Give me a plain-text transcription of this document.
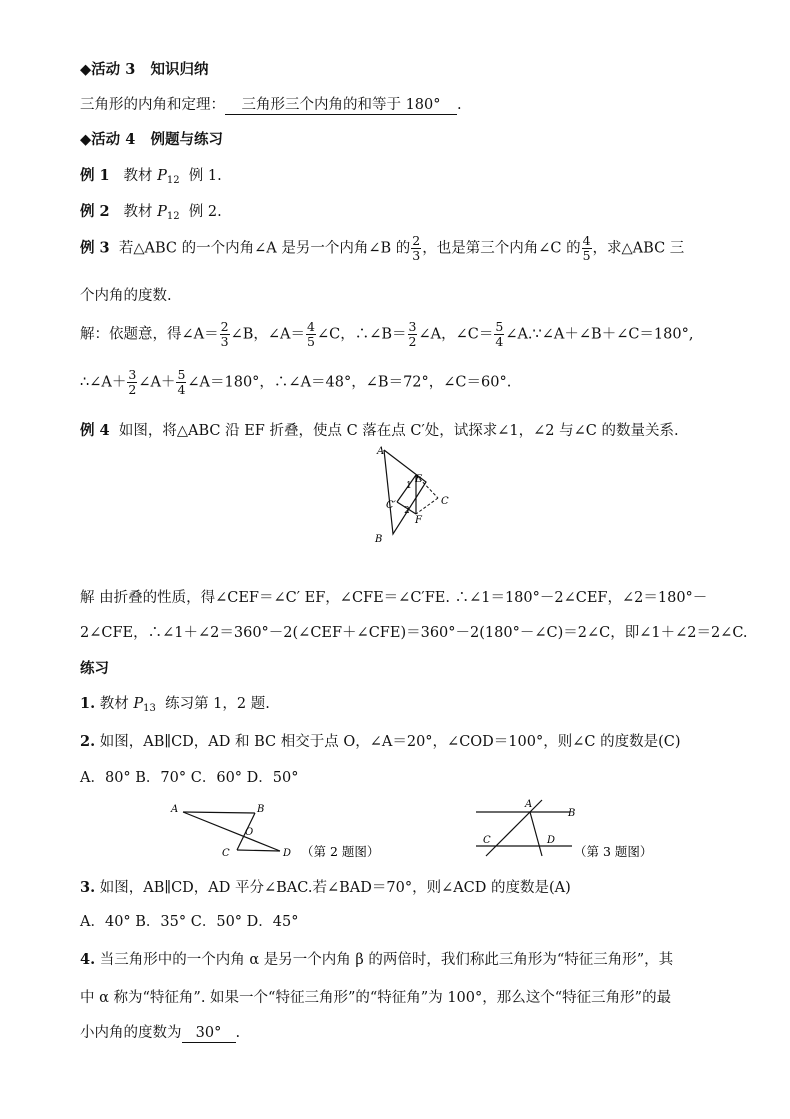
◆活动 3 知识归纳
三角形的内角和定理： 三角形三个内角的和等于 180° .
◆活动 4 例题与练习
例 1 教材 $P_{12}$ 例 1.
例 2 教材 $P_{12}$ 例 2.
例 3 若△ABC 的一个内角∠A 是另一个内角∠B 的 $\frac{2}{3}$ ，也是第三个内角∠C 的 $\frac{4}{5}$ ，求△ABC 三
个内角的度数.
解：依题意，得∠A＝ $\frac{2}{3}$ ∠B，∠A＝ $\frac{4}{5}$ ∠C，∴∠B＝ $\frac{3}{2}$ ∠A，∠C＝ $\frac{5}{4}$ ∠A.∵∠A＋∠B＋∠C＝180°,
∴∠A＋ $\frac{3}{2}$ ∠A＋ $\frac{5}{4}$ ∠A＝180°，∴∠A＝48°，∠B＝72°，∠C＝60°.
例 4 如图，将△ABC 沿 EF 折叠，使点 C 落在点 C′处，试探求∠1，∠2 与∠C 的数量关系.
A
B
C
C′
E
F
1
2
解 由折叠的性质，得∠CEF＝∠C′ EF，∠CFE＝∠C′FE. ∴∠1＝180°－2∠CEF，∠2＝180°－
2∠CFE，∴∠1＋∠2＝360°－2(∠CEF＋∠CFE)＝360°－2(180°－∠C)＝2∠C，即∠1＋∠2＝2∠C.
练习
1. 教材 $P_{13}$ 练习第 1，2 题.
2. 如图，AB∥CD，AD 和 BC 相交于点 O，∠A＝20°，∠COD＝100°，则∠C 的度数是(C)
A．80° B．70° C．60° D．50°
A	B
O
C	D （第 2 题图）
A
B
C	D
（第 3 题图）
3. 如图，AB∥CD，AD 平分∠BAC.若∠BAD＝70°，则∠ACD 的度数是(A)
A．40° B．35° C．50° D．45°
4. 当三角形中的一个内角 α 是另一个内角 β 的两倍时，我们称此三角形为“特征三角形”，其
中 α 称为“特征角”. 如果一个“特征三角形”的“特征角”为 100°，那么这个“特征三角形”的最
小内角的度数为 30° .
